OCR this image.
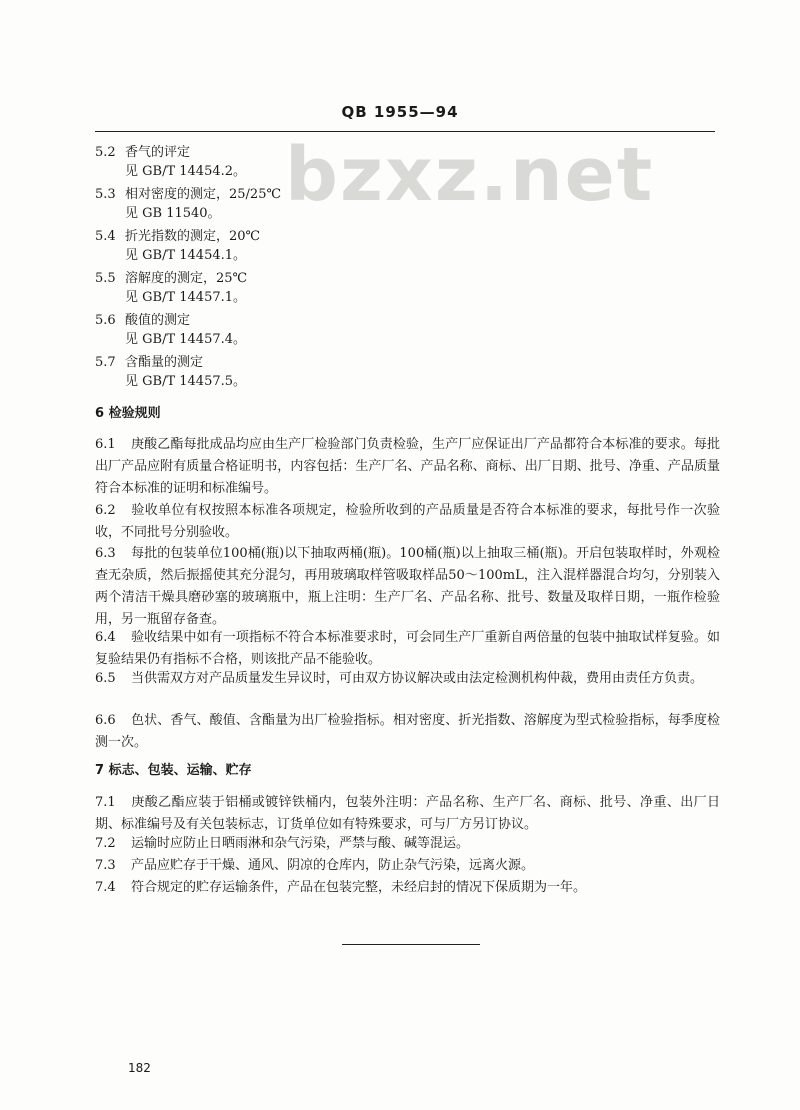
QB 1955—94
bzxz.net
5.2 香气的评定
见 GB/T 14454.2。
5.3 相对密度的测定，25/25℃
见 GB 11540。
5.4 折光指数的测定，20℃
见 GB/T 14454.1。
5.5 溶解度的测定，25℃
见 GB/T 14457.1。
5.6 酸值的测定
见 GB/T 14457.4。
5.7 含酯量的测定
见 GB/T 14457.5。
6 检验规则
6.1 庚酸乙酯每批成品均应由生产厂检验部门负责检验，生产厂应保证出厂产品都符合本标准的要求。每批出厂产品应附有质量合格证明书，内容包括：生产厂名、产品名称、商标、出厂日期、批号、净重、产品质量符合本标准的证明和标准编号。
6.2 验收单位有权按照本标准各项规定，检验所收到的产品质量是否符合本标准的要求，每批号作一次验收，不同批号分别验收。
6.3 每批的包装单位100桶(瓶)以下抽取两桶(瓶)。100桶(瓶)以上抽取三桶(瓶)。开启包装取样时，外观检查无杂质，然后振摇使其充分混匀，再用玻璃取样管吸取样品50～100mL，注入混样器混合均匀，分别装入两个清洁干燥具磨砂塞的玻璃瓶中，瓶上注明：生产厂名、产品名称、批号、数量及取样日期，一瓶作检验用，另一瓶留存备查。
6.4 验收结果中如有一项指标不符合本标准要求时，可会同生产厂重新自两倍量的包装中抽取试样复验。如复验结果仍有指标不合格，则该批产品不能验收。
6.5 当供需双方对产品质量发生异议时，可由双方协议解决或由法定检测机构仲裁，费用由责任方负责。
6.6 色状、香气、酸值、含酯量为出厂检验指标。相对密度、折光指数、溶解度为型式检验指标，每季度检测一次。
7 标志、包装、运输、贮存
7.1 庚酸乙酯应装于铝桶或镀锌铁桶内，包装外注明：产品名称、生产厂名、商标、批号、净重、出厂日期、标准编号及有关包装标志，订货单位如有特殊要求，可与厂方另订协议。
7.2 运输时应防止日晒雨淋和杂气污染，严禁与酸、碱等混运。
7.3 产品应贮存于干燥、通风、阴凉的仓库内，防止杂气污染，远离火源。
7.4 符合规定的贮存运输条件，产品在包装完整，未经启封的情况下保质期为一年。
182
